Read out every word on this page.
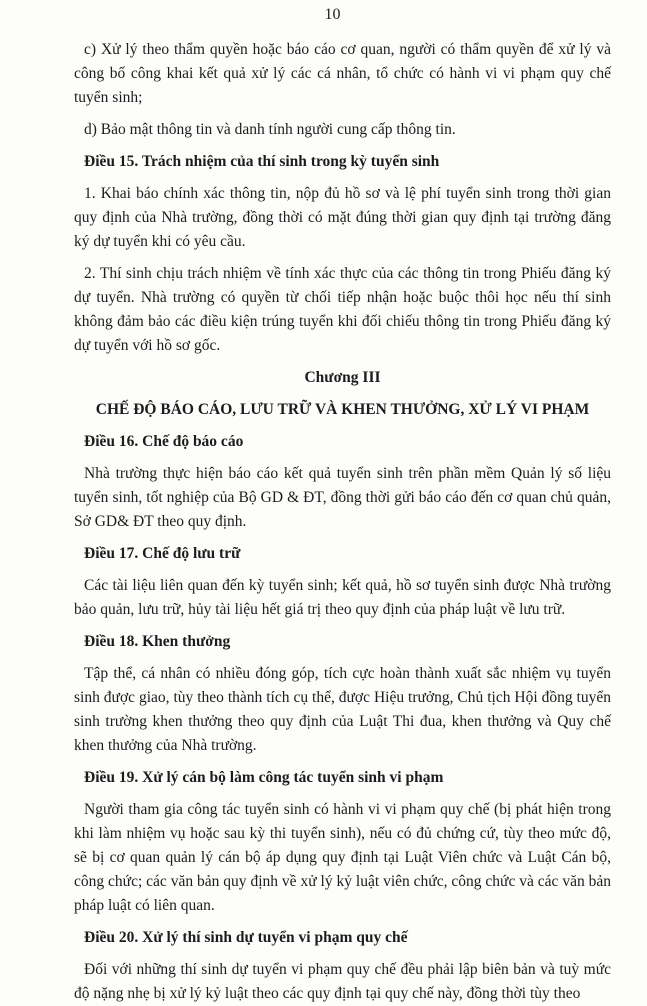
10

c) Xử lý theo thẩm quyền hoặc báo cáo cơ quan, người có thẩm quyền để xử lý và công bố công khai kết quả xử lý các cá nhân, tổ chức có hành vi vi phạm quy chế tuyển sinh;

d) Bảo mật thông tin và danh tính người cung cấp thông tin.

Điều 15. Trách nhiệm của thí sinh trong kỳ tuyển sinh

1. Khai báo chính xác thông tin, nộp đủ hồ sơ và lệ phí tuyển sinh trong thời gian quy định của Nhà trường, đồng thời có mặt đúng thời gian quy định tại trường đăng ký dự tuyển khi có yêu cầu.

2. Thí sinh chịu trách nhiệm về tính xác thực của các thông tin trong Phiếu đăng ký dự tuyển. Nhà trường có quyền từ chối tiếp nhận hoặc buộc thôi học nếu thí sinh không đảm bảo các điều kiện trúng tuyển khi đối chiếu thông tin trong Phiếu đăng ký dự tuyển với hồ sơ gốc.

Chương III

CHẾ ĐỘ BÁO CÁO, LƯU TRỮ VÀ KHEN THƯỞNG, XỬ LÝ VI PHẠM

Điều 16. Chế độ báo cáo

Nhà trường thực hiện báo cáo kết quả tuyển sinh trên phần mềm Quản lý số liệu tuyển sinh, tốt nghiệp của Bộ GD & ĐT, đồng thời gửi báo cáo đến cơ quan chủ quản, Sở GD& ĐT theo quy định.

Điều 17. Chế độ lưu trữ

Các tài liệu liên quan đến kỳ tuyển sinh; kết quả, hồ sơ tuyển sinh được Nhà trường bảo quản, lưu trữ, hủy tài liệu hết giá trị theo quy định của pháp luật về lưu trữ.

Điều 18. Khen thưởng

Tập thể, cá nhân có nhiều đóng góp, tích cực hoàn thành xuất sắc nhiệm vụ tuyển sinh được giao, tùy theo thành tích cụ thể, được Hiệu trưởng, Chủ tịch Hội đồng tuyển sinh trường khen thưởng theo quy định của Luật Thi đua, khen thưởng và Quy chế khen thưởng của Nhà trường.

Điều 19. Xử lý cán bộ làm công tác tuyển sinh vi phạm

Người tham gia công tác tuyển sinh có hành vi vi phạm quy chế (bị phát hiện trong khi làm nhiệm vụ hoặc sau kỳ thi tuyển sinh), nếu có đủ chứng cứ, tùy theo mức độ, sẽ bị cơ quan quản lý cán bộ áp dụng quy định tại Luật Viên chức và Luật Cán bộ, công chức; các văn bản quy định về xử lý kỷ luật viên chức, công chức và các văn bản pháp luật có liên quan.

Điều 20. Xử lý thí sinh dự tuyển vi phạm quy chế

Đối với những thí sinh dự tuyển vi phạm quy chế đều phải lập biên bản và tuỳ mức độ nặng nhẹ bị xử lý kỷ luật theo các quy định tại quy chế này, đồng thời tùy theo
